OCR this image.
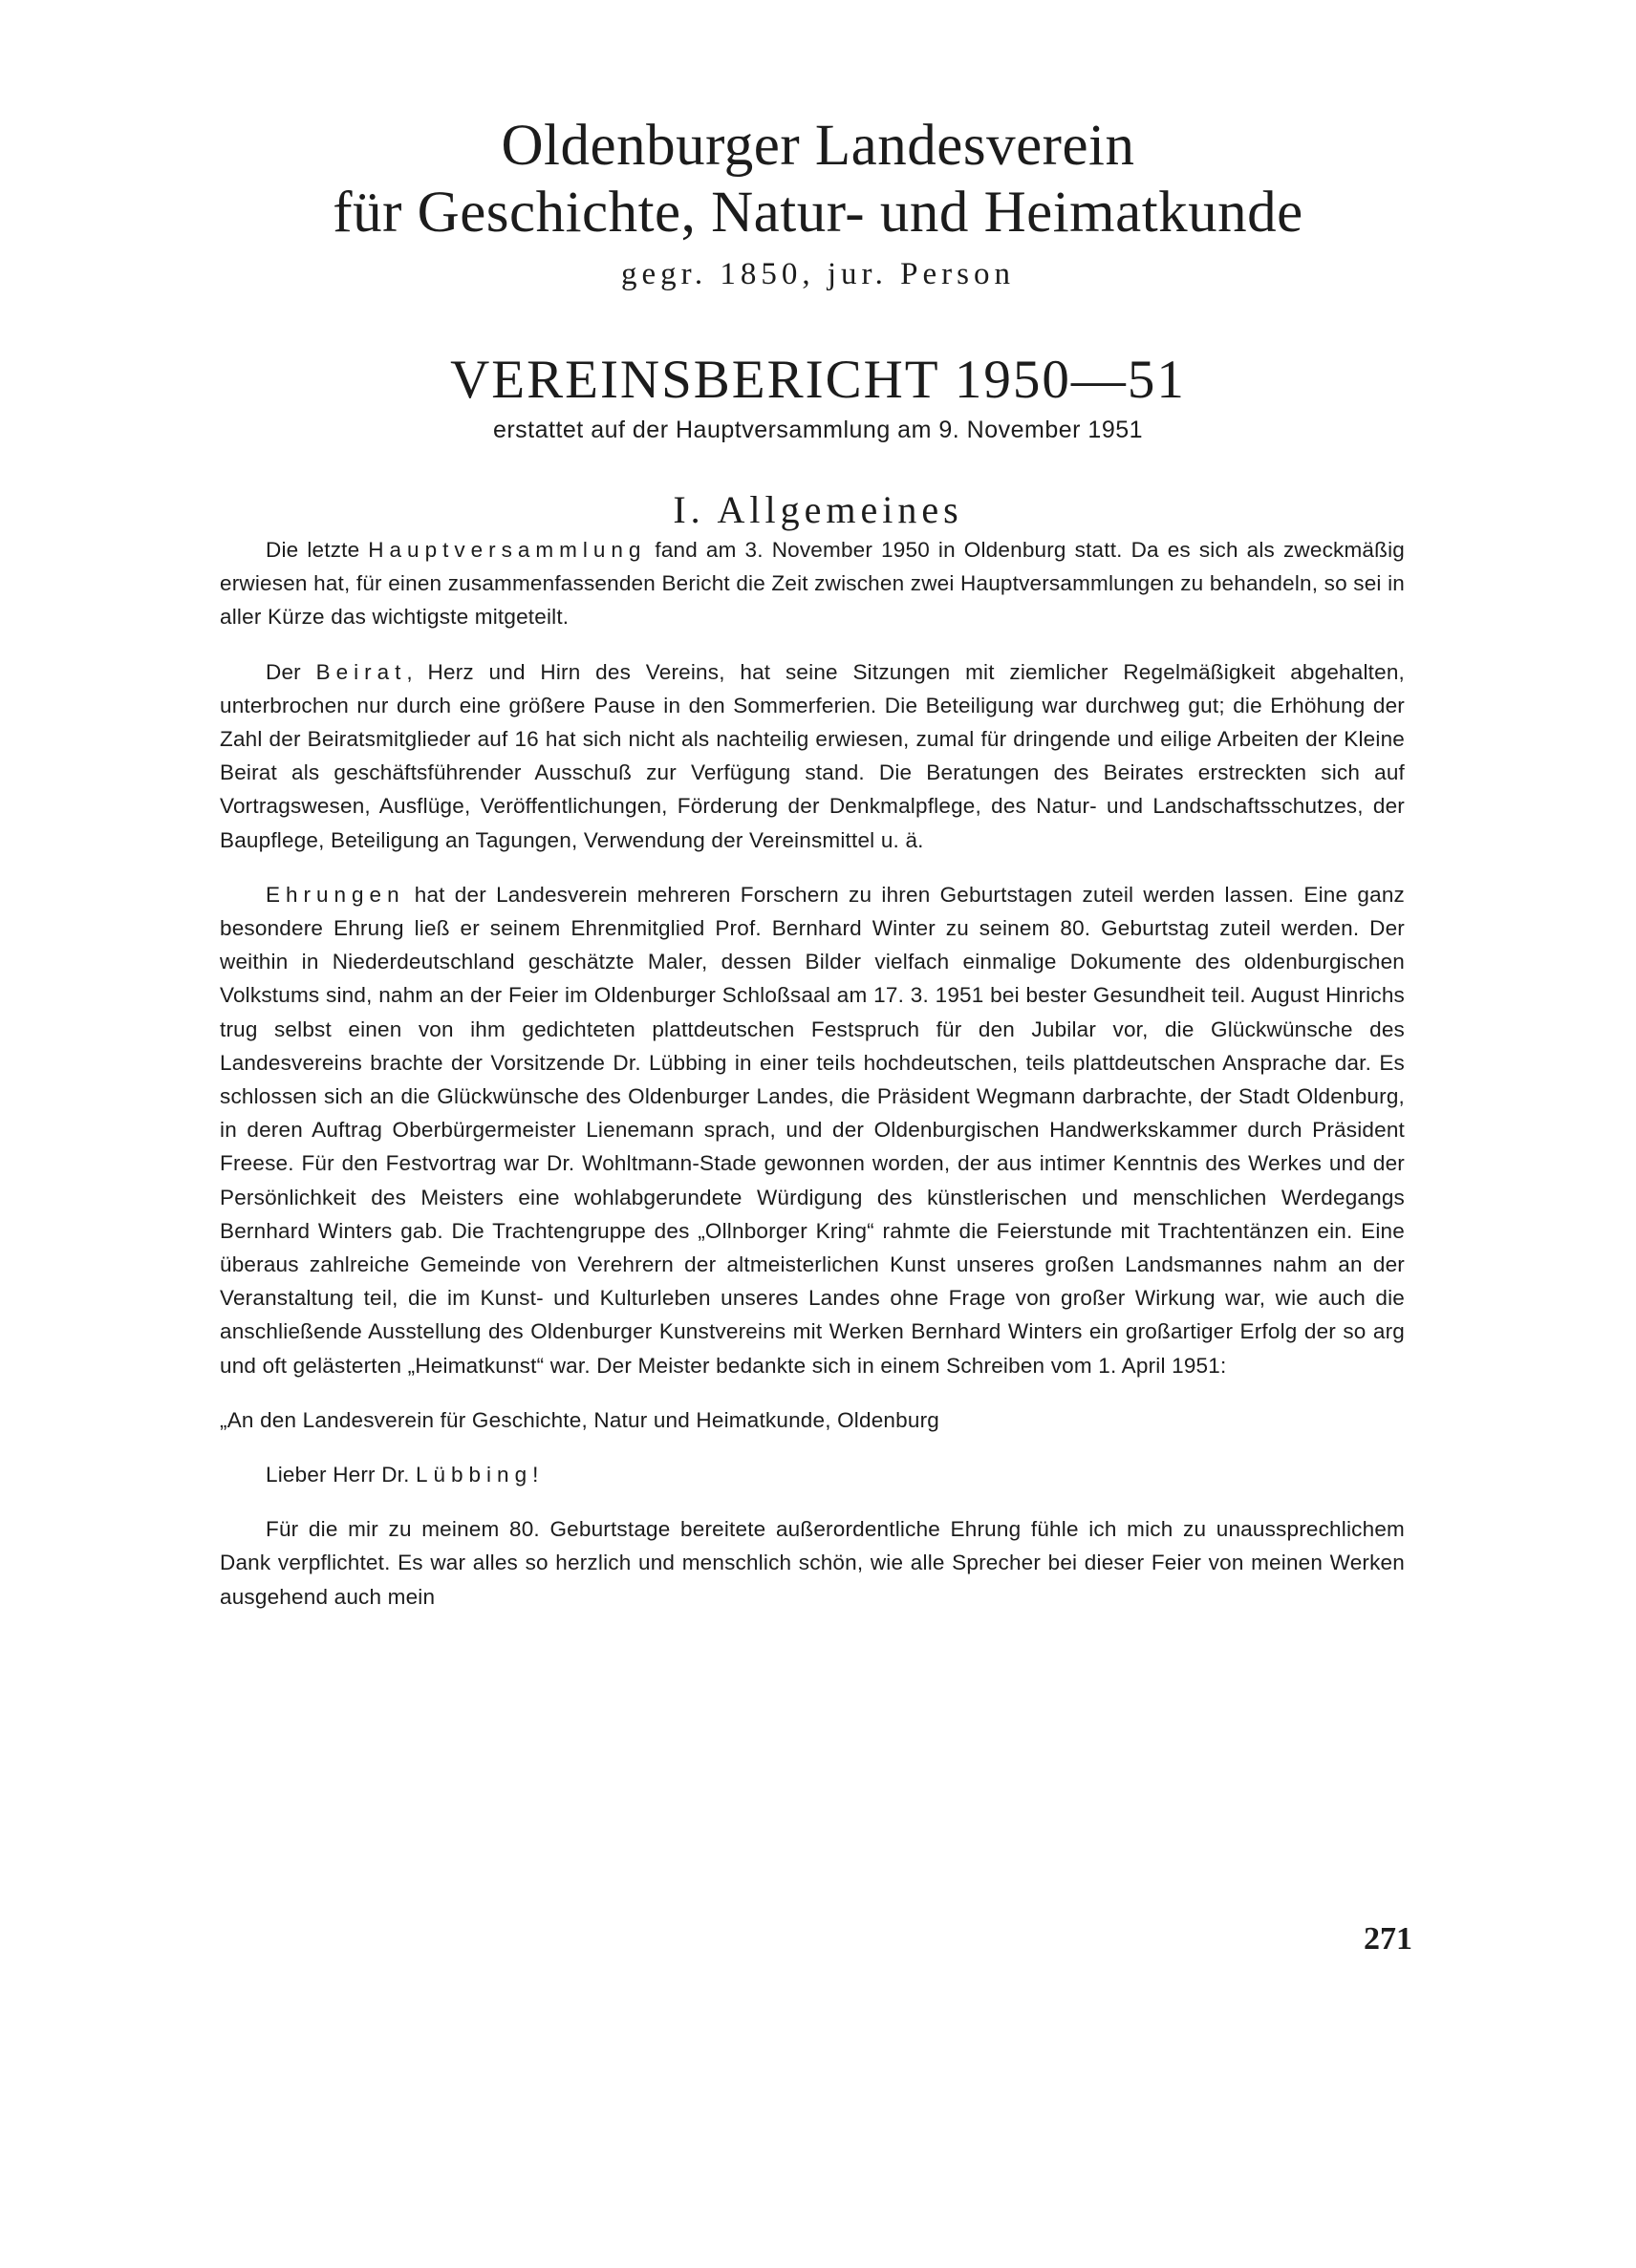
Oldenburger Landesverein
für Geschichte, Natur- und Heimatkunde
gegr. 1850, jur. Person
VEREINSBERICHT 1950—51
erstattet auf der Hauptversammlung am 9. November 1951
I. Allgemeines

Die letzte Hauptversammlung fand am 3. November 1950 in Oldenburg statt. Da es sich als zweckmäßig erwiesen hat, für einen zusammenfassenden Bericht die Zeit zwischen zwei Hauptversammlungen zu behandeln, so sei in aller Kürze das wichtigste mitgeteilt.

Der Beirat, Herz und Hirn des Vereins, hat seine Sitzungen mit ziemlicher Regelmäßigkeit abgehalten, unterbrochen nur durch eine größere Pause in den Sommerferien. Die Beteiligung war durchweg gut; die Erhöhung der Zahl der Beiratsmitglieder auf 16 hat sich nicht als nachteilig erwiesen, zumal für dringende und eilige Arbeiten der Kleine Beirat als geschäftsführender Ausschuß zur Verfügung stand. Die Beratungen des Beirates erstreckten sich auf Vortragswesen, Ausflüge, Veröffentlichungen, Förderung der Denkmalpflege, des Natur- und Landschaftsschutzes, der Baupflege, Beteiligung an Tagungen, Verwendung der Vereinsmittel u. ä.

Ehrungen hat der Landesverein mehreren Forschern zu ihren Geburtstagen zuteil werden lassen. Eine ganz besondere Ehrung ließ er seinem Ehrenmitglied Prof. Bernhard Winter zu seinem 80. Geburtstag zuteil werden. Der weithin in Niederdeutschland geschätzte Maler, dessen Bilder vielfach einmalige Dokumente des oldenburgischen Volkstums sind, nahm an der Feier im Oldenburger Schloßsaal am 17. 3. 1951 bei bester Gesundheit teil. August Hinrichs trug selbst einen von ihm gedichteten plattdeutschen Festspruch für den Jubilar vor, die Glückwünsche des Landesvereins brachte der Vorsitzende Dr. Lübbing in einer teils hochdeutschen, teils plattdeutschen Ansprache dar. Es schlossen sich an die Glückwünsche des Oldenburger Landes, die Präsident Wegmann darbrachte, der Stadt Oldenburg, in deren Auftrag Oberbürgermeister Lienemann sprach, und der Oldenburgischen Handwerkskammer durch Präsident Freese. Für den Festvortrag war Dr. Wohltmann-Stade gewonnen worden, der aus intimer Kenntnis des Werkes und der Persönlichkeit des Meisters eine wohlabgerundete Würdigung des künstlerischen und menschlichen Werdegangs Bernhard Winters gab. Die Trachtengruppe des „Ollnborger Kring“ rahmte die Feierstunde mit Trachtentänzen ein. Eine überaus zahlreiche Gemeinde von Verehrern der altmeisterlichen Kunst unseres großen Landsmannes nahm an der Veranstaltung teil, die im Kunst- und Kulturleben unseres Landes ohne Frage von großer Wirkung war, wie auch die anschließende Ausstellung des Oldenburger Kunstvereins mit Werken Bernhard Winters ein großartiger Erfolg der so arg und oft gelästerten „Heimatkunst“ war. Der Meister bedankte sich in einem Schreiben vom 1. April 1951:

„An den Landesverein für Geschichte, Natur und Heimatkunde, Oldenburg

Lieber Herr Dr. Lübbing!

Für die mir zu meinem 80. Geburtstage bereitete außerordentliche Ehrung fühle ich mich zu unaussprechlichem Dank verpflichtet. Es war alles so herzlich und menschlich schön, wie alle Sprecher bei dieser Feier von meinen Werken ausgehend auch mein

271
